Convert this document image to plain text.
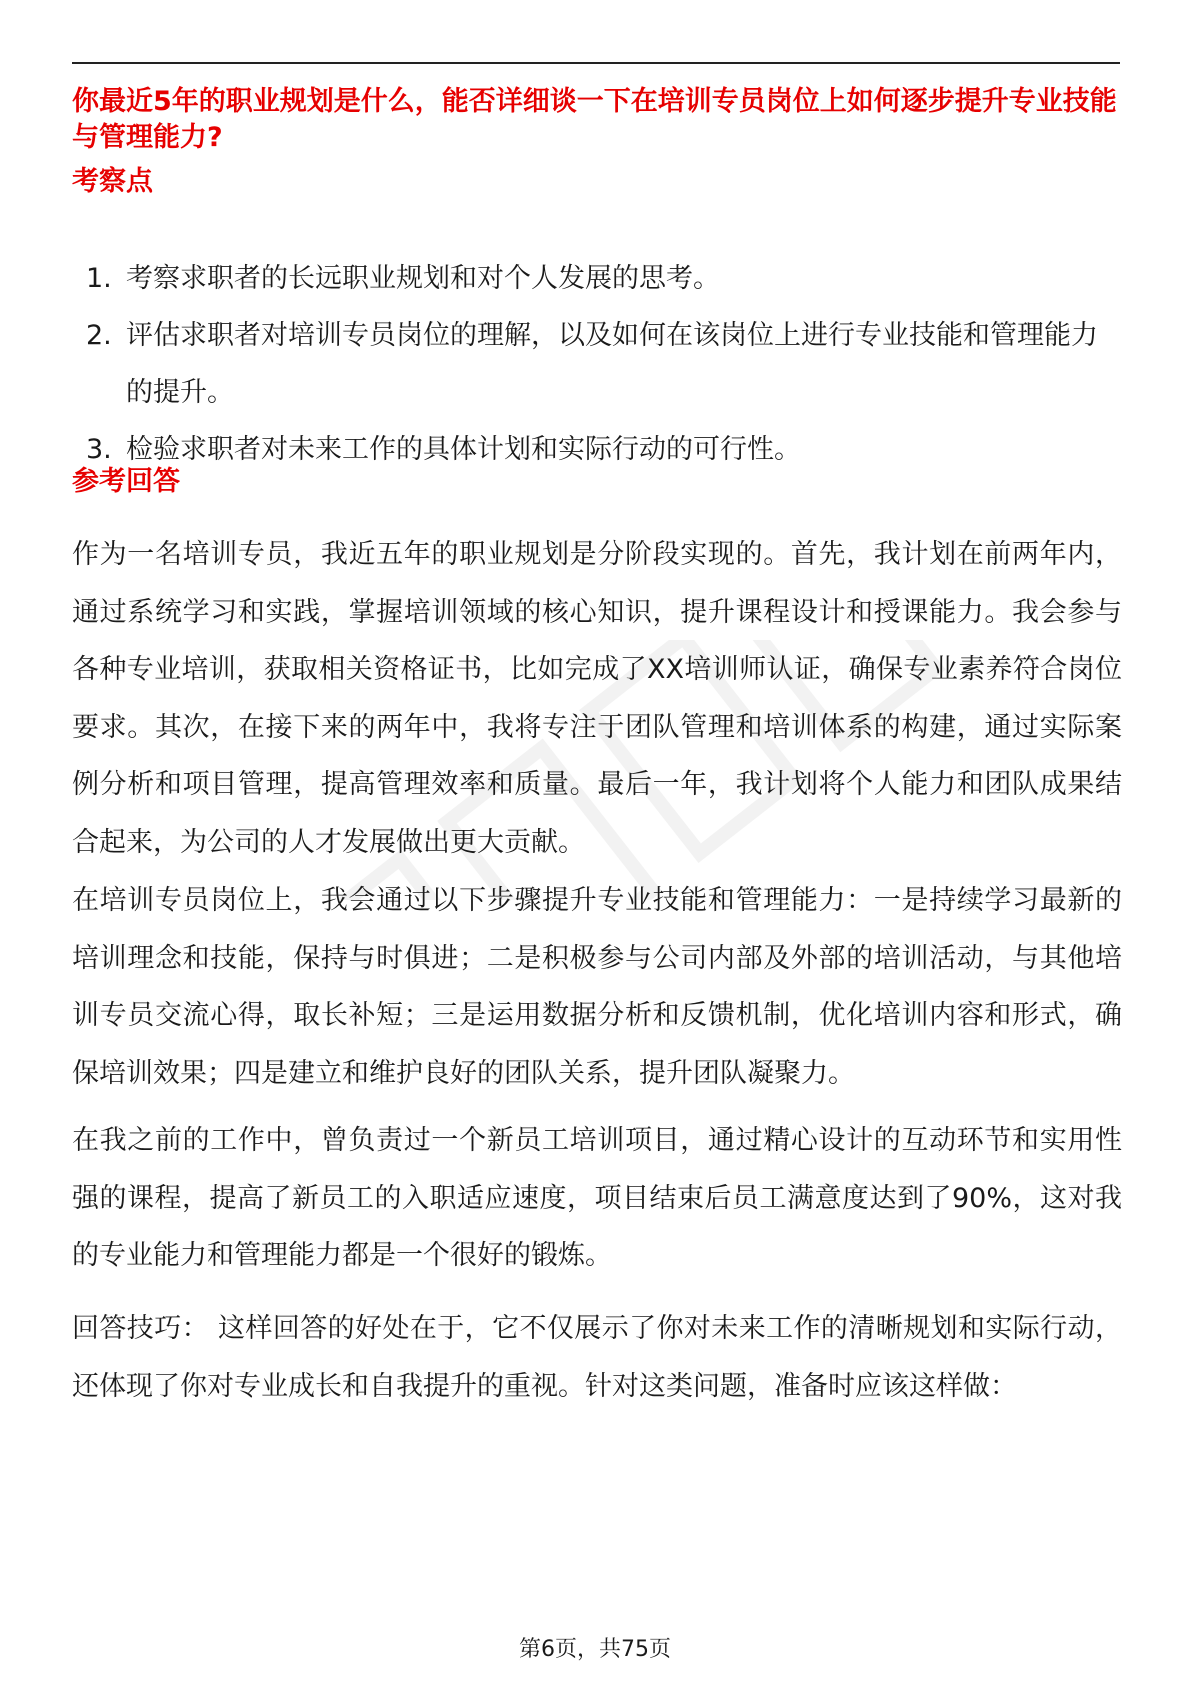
你最近5年的职业规划是什么，能否详细谈一下在培训专员岗位上如何逐步提升专业技能与管理能力?

考察点
1. 考察求职者的长远职业规划和对个人发展的思考。
2. 评估求职者对培训专员岗位的理解，以及如何在该岗位上进行专业技能和管理能力的提升。
3. 检验求职者对未来工作的具体计划和实际行动的可行性。
参考回答

作为一名培训专员，我近五年的职业规划是分阶段实现的。首先，我计划在前两年内，通过系统学习和实践，掌握培训领域的核心知识，提升课程设计和授课能力。我会参与各种专业培训，获取相关资格证书，比如完成了XX培训师认证，确保专业素养符合岗位要求。其次，在接下来的两年中，我将专注于团队管理和培训体系的构建，通过实际案例分析和项目管理，提高管理效率和质量。最后一年，我计划将个人能力和团队成果结合起来，为公司的人才发展做出更大贡献。

在培训专员岗位上，我会通过以下步骤提升专业技能和管理能力：一是持续学习最新的培训理念和技能，保持与时俱进；二是积极参与公司内部及外部的培训活动，与其他培训专员交流心得，取长补短；三是运用数据分析和反馈机制，优化培训内容和形式，确保培训效果；四是建立和维护良好的团队关系，提升团队凝聚力。

在我之前的工作中，曾负责过一个新员工培训项目，通过精心设计的互动环节和实用性强的课程，提高了新员工的入职适应速度，项目结束后员工满意度达到了90%，这对我的专业能力和管理能力都是一个很好的锻炼。

回答技巧： 这样回答的好处在于，它不仅展示了你对未来工作的清晰规划和实际行动，还体现了你对专业成长和自我提升的重视。针对这类问题，准备时应该这样做：

第6页，共75页
